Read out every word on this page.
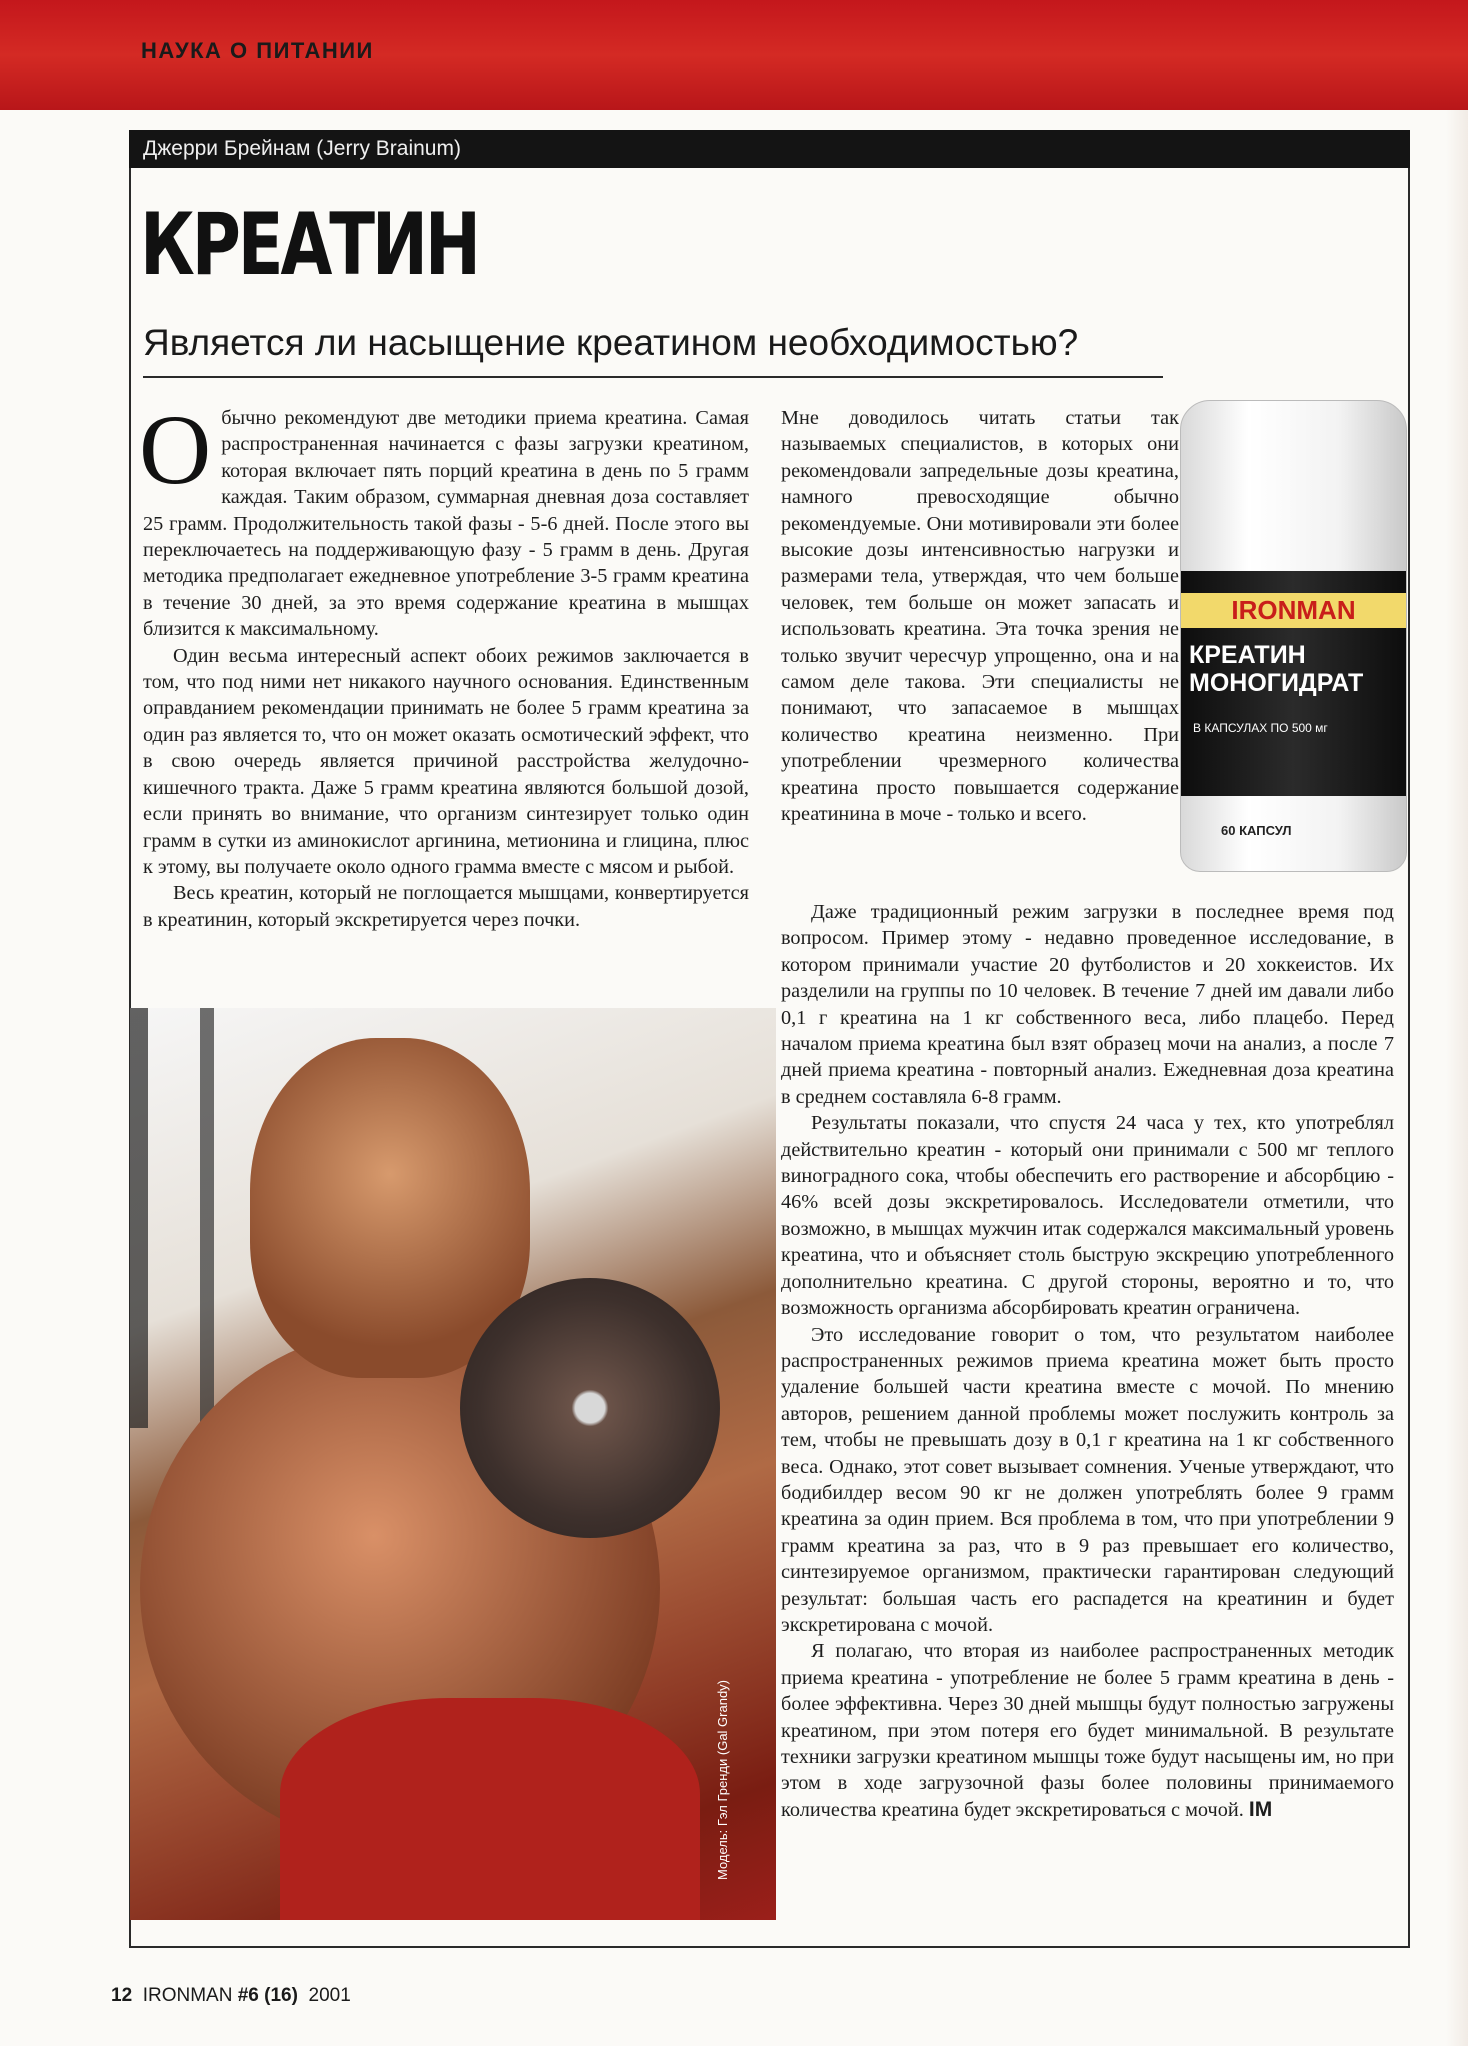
НАУКА О ПИТАНИИ
Джерри Брейнам (Jerry Brainum)
КРЕАТИН
Является ли насыщение креатином необходимостью?

Обычно рекомендуют две методики приема креатина. Самая распространенная начинается с фазы загрузки креатином, которая включает пять порций креатина в день по 5 грамм каждая. Таким образом, суммарная дневная доза составляет 25 грамм. Продолжительность такой фазы - 5-6 дней. После этого вы переключаетесь на поддерживающую фазу - 5 грамм в день. Другая методика предполагает ежедневное употребление 3-5 грамм креатина в течение 30 дней, за это время содержание креатина в мышцах близится к максимальному.

Один весьма интересный аспект обоих режимов заключается в том, что под ними нет никакого научного основания. Единственным оправданием рекомендации принимать не более 5 грамм креатина за один раз является то, что он может оказать осмотический эффект, что в свою очередь является причиной расстройства желудочно-кишечного тракта. Даже 5 грамм креатина являются большой дозой, если принять во внимание, что организм синтезирует только один грамм в сутки из аминокислот аргинина, метионина и глицина, плюс к этому, вы получаете около одного грамма вместе с мясом и рыбой.

Весь креатин, который не поглощается мышцами, конвертируется в креатинин, который экскретируется через почки.

Мне доводилось читать статьи так называемых специалистов, в которых они рекомендовали запредельные дозы креатина, намного превосходящие обычно рекомендуемые. Они мотивировали эти более высокие дозы интенсивностью нагрузки и размерами тела, утверждая, что чем больше человек, тем больше он может запасать и использовать креатина. Эта точка зрения не только звучит чересчур упрощенно, она и на самом деле такова. Эти специалисты не понимают, что запасаемое в мышцах количество креатина неизменно. При употреблении чрезмерного количества креатина просто повышается содержание креатинина в моче - только и всего.

IRONMAN
КРЕАТИН МОНОГИДРАТ
В КАПСУЛАХ ПО 500 мг
60 КАПСУЛ

Даже традиционный режим загрузки в последнее время под вопросом. Пример этому - недавно проведенное исследование, в котором принимали участие 20 футболистов и 20 хоккеистов. Их разделили на группы по 10 человек. В течение 7 дней им давали либо 0,1 г креатина на 1 кг собственного веса, либо плацебо. Перед началом приема креатина был взят образец мочи на анализ, а после 7 дней приема креатина - повторный анализ. Ежедневная доза креатина в среднем составляла 6-8 грамм.

Результаты показали, что спустя 24 часа у тех, кто употреблял действительно креатин - который они принимали с 500 мг теплого виноградного сока, чтобы обеспечить его растворение и абсорбцию - 46% всей дозы экскретировалось. Исследователи отметили, что возможно, в мышцах мужчин итак содержался максимальный уровень креатина, что и объясняет столь быструю экскрецию употребленного дополнительно креатина. С другой стороны, вероятно и то, что возможность организма абсорбировать креатин ограничена.

Это исследование говорит о том, что результатом наиболее распространенных режимов приема креатина может быть просто удаление большей части креатина вместе с мочой. По мнению авторов, решением данной проблемы может послужить контроль за тем, чтобы не превышать дозу в 0,1 г креатина на 1 кг собственного веса. Однако, этот совет вызывает сомнения. Ученые утверждают, что бодибилдер весом 90 кг не должен употреблять более 9 грамм креатина за один прием. Вся проблема в том, что при употреблении 9 грамм креатина за раз, что в 9 раз превышает его количество, синтезируемое организмом, практически гарантирован следующий результат: большая часть его распадется на креатинин и будет экскретирована с мочой.

Я полагаю, что вторая из наиболее распространенных методик приема креатина - употребление не более 5 грамм креатина в день - более эффективна. Через 30 дней мышцы будут полностью загружены креатином, при этом потеря его будет минимальной. В результате техники загрузки креатином мышцы тоже будут насыщены им, но при этом в ходе загрузочной фазы более половины принимаемого количества креатина будет экскретироваться с мочой. IM

Модель: Гэл Гренди (Gal Grandy)
12 IRONMAN #6 (16) 2001
